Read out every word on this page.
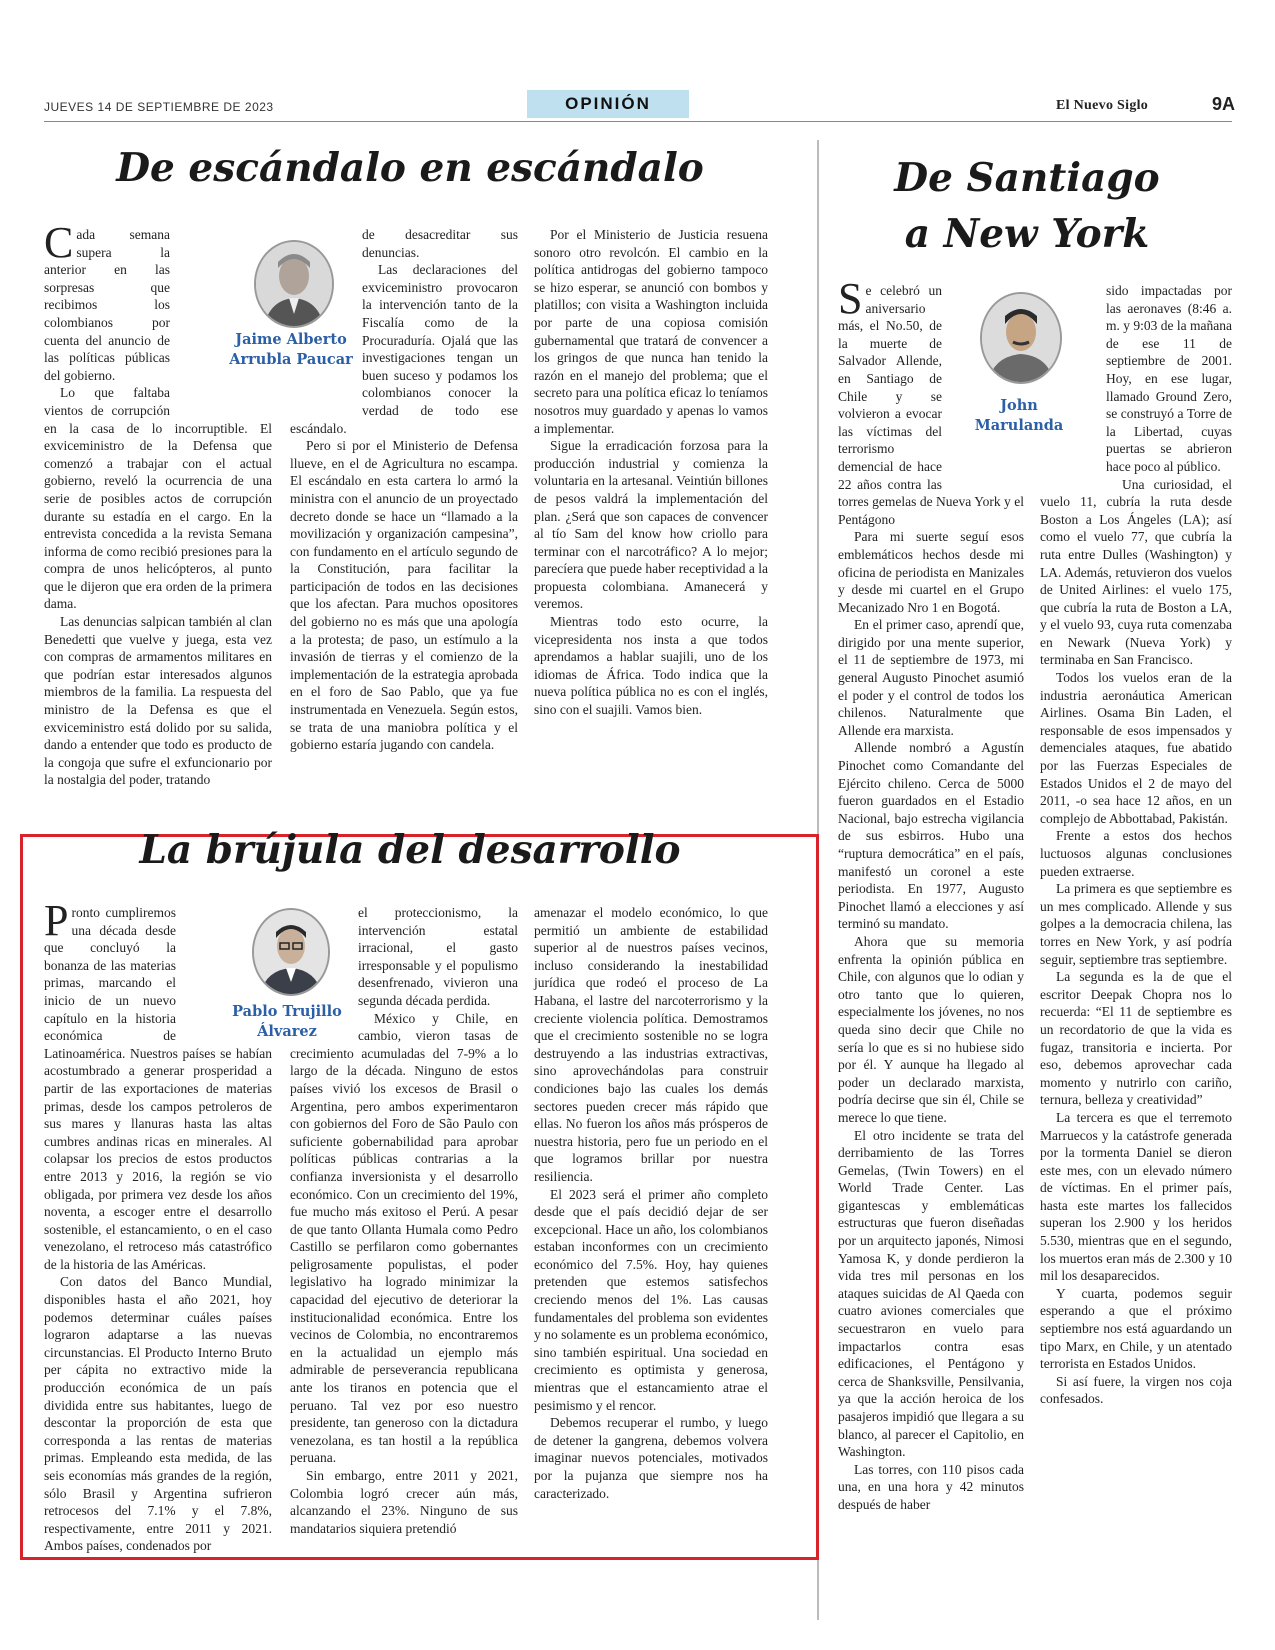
JUEVES 14 DE SEPTIEMBRE DE 2023	OPINIÓN	El Nuevo Siglo	9A
De escándalo en escándalo
Jaime Alberto Arrubla Paucar

Cada semana supera la anterior en las sorpresas que recibimos los colombianos por cuenta del anuncio de las políticas públicas del gobierno.

Lo que faltaba vientos de corrupción en la casa de lo incorruptible. El exviceministro de la Defensa que comenzó a trabajar con el actual gobierno, reveló la ocurrencia de una serie de posibles actos de corrupción durante su estadía en el cargo. En la entrevista concedida a la revista Semana informa de como recibió presiones para la compra de unos helicópteros, al punto que le dijeron que era orden de la primera dama.

Las denuncias salpican también al clan Benedetti que vuelve y juega, esta vez con compras de armamentos militares en que podrían estar interesados algunos miembros de la familia. La respuesta del ministro de la Defensa es que el exviceministro está dolido por su salida, dando a entender que todo es producto de la congoja que sufre el exfuncionario por la nostalgia del poder, tratando

de desacreditar sus denuncias.

Las declaraciones del exviceministro provocaron la intervención tanto de la Fiscalía como de la Procuraduría. Ojalá que las investigaciones tengan un buen suceso y podamos los colombianos conocer la verdad de todo ese escándalo.

Pero si por el Ministerio de Defensa llueve, en el de Agricultura no escampa. El escándalo en esta cartera lo armó la ministra con el anuncio de un proyectado decreto donde se hace un “llamado a la movilización y organización campesina”, con fundamento en el artículo segundo de la Constitución, para facilitar la participación de todos en las decisiones que los afectan. Para muchos opositores del gobierno no es más que una apología a la protesta; de paso, un estímulo a la invasión de tierras y el comienzo de la implementación de la estrategia aprobada en el foro de Sao Pablo, que ya fue instrumentada en Venezuela. Según estos, se trata de una maniobra política y el gobierno estaría jugando con candela.

Por el Ministerio de Justicia resuena sonoro otro revolcón. El cambio en la política antidrogas del gobierno tampoco se hizo esperar, se anunció con bombos y platillos; con visita a Washington incluida por parte de una copiosa comisión gubernamental que tratará de convencer a los gringos de que nunca han tenido la razón en el manejo del problema; que el secreto para una política eficaz lo teníamos nosotros muy guardado y apenas lo vamos a implementar.

Sigue la erradicación forzosa para la producción industrial y comienza la voluntaria en la artesanal. Veintiún billones de pesos valdrá la implementación del plan. ¿Será que son capaces de convencer al tío Sam del know how criollo para terminar con el narcotráfico? A lo mejor; parecíera que puede haber receptividad a la propuesta colombiana. Amanecerá y veremos.

Mientras todo esto ocurre, la vicepresidenta nos insta a que todos aprendamos a hablar suajili, uno de los idiomas de África. Todo indica que la nueva política pública no es con el inglés, sino con el suajili. Vamos bien.

La brújula del desarrollo
Pablo Trujillo Álvarez

Pronto cumpliremos una década desde que concluyó la bonanza de las materias primas, marcando el inicio de un nuevo capítulo en la historia económica de Latinoamérica. Nuestros países se habían acostumbrado a generar prosperidad a partir de las exportaciones de materias primas, desde los campos petroleros de sus mares y llanuras hasta las altas cumbres andinas ricas en minerales. Al colapsar los precios de estos productos entre 2013 y 2016, la región se vio obligada, por primera vez desde los años noventa, a escoger entre el desarrollo sostenible, el estancamiento, o en el caso venezolano, el retroceso más catastrófico de la historia de las Américas.

Con datos del Banco Mundial, disponibles hasta el año 2021, hoy podemos determinar cuáles países lograron adaptarse a las nuevas circunstancias. El Producto Interno Bruto per cápita no extractivo mide la producción económica de un país dividida entre sus habitantes, luego de descontar la proporción de esta que corresponda a las rentas de materias primas. Empleando esta medida, de las seis economías más grandes de la región, sólo Brasil y Argentina sufrieron retrocesos del 7.1% y el 7.8%, respectivamente, entre 2011 y 2021. Ambos países, condenados por

el proteccionismo, la intervención estatal irracional, el gasto irresponsable y el populismo desenfrenado, vivieron una segunda década perdida.

México y Chile, en cambio, vieron tasas de crecimiento acumuladas del 7-9% a lo largo de la década. Ninguno de estos países vivió los excesos de Brasil o Argentina, pero ambos experimentaron con gobiernos del Foro de São Paulo con suficiente gobernabilidad para aprobar políticas públicas contrarias a la confianza inversionista y el desarrollo económico. Con un crecimiento del 19%, fue mucho más exitoso el Perú. A pesar de que tanto Ollanta Humala como Pedro Castillo se perfilaron como gobernantes peligrosamente populistas, el poder legislativo ha logrado minimizar la capacidad del ejecutivo de deteriorar la institucionalidad económica. Entre los vecinos de Colombia, no encontraremos en la actualidad un ejemplo más admirable de perseverancia republicana ante los tiranos en potencia que el peruano. Tal vez por eso nuestro presidente, tan generoso con la dictadura venezolana, es tan hostil a la república peruana.

Sin embargo, entre 2011 y 2021, Colombia logró crecer aún más, alcanzando el 23%. Ninguno de sus mandatarios siquiera pretendió

amenazar el modelo económico, lo que permitió un ambiente de estabilidad superior al de nuestros países vecinos, incluso considerando la inestabilidad jurídica que rodeó el proceso de La Habana, el lastre del narcoterrorismo y la creciente violencia política. Demostramos que el crecimiento sostenible no se logra destruyendo a las industrias extractivas, sino aprovechándolas para construir condiciones bajo las cuales los demás sectores pueden crecer más rápido que ellas. No fueron los años más prósperos de nuestra historia, pero fue un periodo en el que logramos brillar por nuestra resiliencia.

El 2023 será el primer año completo desde que el país decidió dejar de ser excepcional. Hace un año, los colombianos estaban inconformes con un crecimiento económico del 7.5%. Hoy, hay quienes pretenden que estemos satisfechos creciendo menos del 1%. Las causas fundamentales del problema son evidentes y no solamente es un problema económico, sino también espiritual. Una sociedad en crecimiento es optimista y generosa, mientras que el estancamiento atrae el pesimismo y el rencor.

Debemos recuperar el rumbo, y luego de detener la gangrena, debemos volvera imaginar nuevos potenciales, motivados por la pujanza que siempre nos ha caracterizado.

De Santiago
a New York
John Marulanda

Se celebró un aniversario más, el No.50, de la muerte de Salvador Allende, en Santiago de Chile y se volvieron a evocar las víctimas del terrorismo demencial de hace 22 años contra las torres gemelas de Nueva York y el Pentágono

Para mi suerte seguí esos emblemáticos hechos desde mi oficina de periodista en Manizales y desde mi cuartel en el Grupo Mecanizado Nro 1 en Bogotá.

En el primer caso, aprendí que, dirigido por una mente superior, el 11 de septiembre de 1973, mi general Augusto Pinochet asumió el poder y el control de todos los chilenos. Naturalmente que Allende era marxista.

Allende nombró a Agustín Pinochet como Comandante del Ejército chileno. Cerca de 5000 fueron guardados en el Estadio Nacional, bajo estrecha vigilancia de sus esbirros. Hubo una “ruptura democrática” en el país, manifestó un coronel a este periodista. En 1977, Augusto Pinochet llamó a elecciones y así terminó su mandato.

Ahora que su memoria enfrenta la opinión pública en Chile, con algunos que lo odian y otro tanto que lo quieren, especialmente los jóvenes, no nos queda sino decir que Chile no sería lo que es si no hubiese sido por él. Y aunque ha llegado al poder un declarado marxista, podría decirse que sin él, Chile se merece lo que tiene.

El otro incidente se trata del derribamiento de las Torres Gemelas, (Twin Towers) en el World Trade Center. Las gigantescas y emblemáticas estructuras que fueron diseñadas por un arquitecto japonés, Nimosi Yamosa K, y donde perdieron la vida tres mil personas en los ataques suicidas de Al Qaeda con cuatro aviones comerciales que secuestraron en vuelo para impactarlos contra esas edificaciones, el Pentágono y cerca de Shanksville, Pensilvania, ya que la acción heroica de los pasajeros impidió que llegara a su blanco, al parecer el Capitolio, en Washington.

Las torres, con 110 pisos cada una, en una hora y 42 minutos después de haber

sido impactadas por las aeronaves (8:46 a. m. y 9:03 de la mañana de ese 11 de septiembre de 2001. Hoy, en ese lugar, llamado Ground Zero, se construyó a Torre de la Libertad, cuyas puertas se abrieron hace poco al público.

Una curiosidad, el vuelo 11, cubría la ruta desde Boston a Los Ángeles (LA); así como el vuelo 77, que cubría la ruta entre Dulles (Washington) y LA. Además, retuvieron dos vuelos de United Airlines: el vuelo 175, que cubría la ruta de Boston a LA, y el vuelo 93, cuya ruta comenzaba en Newark (Nueva York) y terminaba en San Francisco.

Todos los vuelos eran de la industria aeronáutica American Airlines. Osama Bin Laden, el responsable de esos impensados y demenciales ataques, fue abatido por las Fuerzas Especiales de Estados Unidos el 2 de mayo del 2011, -o sea hace 12 años, en un complejo de Abbottabad, Pakistán.

Frente a estos dos hechos luctuosos algunas conclusiones pueden extraerse.

La primera es que septiembre es un mes complicado. Allende y sus golpes a la democracia chilena, las torres en New York, y así podría seguir, septiembre tras septiembre.

La segunda es la de que el escritor Deepak Chopra nos lo recuerda: “El 11 de septiembre es un recordatorio de que la vida es fugaz, transitoria e incierta. Por eso, debemos aprovechar cada momento y nutrirlo con cariño, ternura, belleza y creatividad”

La tercera es que el terremoto Marruecos y la catástrofe generada por la tormenta Daniel se dieron este mes, con un elevado número de víctimas. En el primer país, hasta este martes los fallecidos superan los 2.900 y los heridos 5.530, mientras que en el segundo, los muertos eran más de 2.300 y 10 mil los desaparecidos.

Y cuarta, podemos seguir esperando a que el próximo septiembre nos está aguardando un tipo Marx, en Chile, y un atentado terrorista en Estados Unidos.

Si así fuere, la virgen nos coja confesados.
